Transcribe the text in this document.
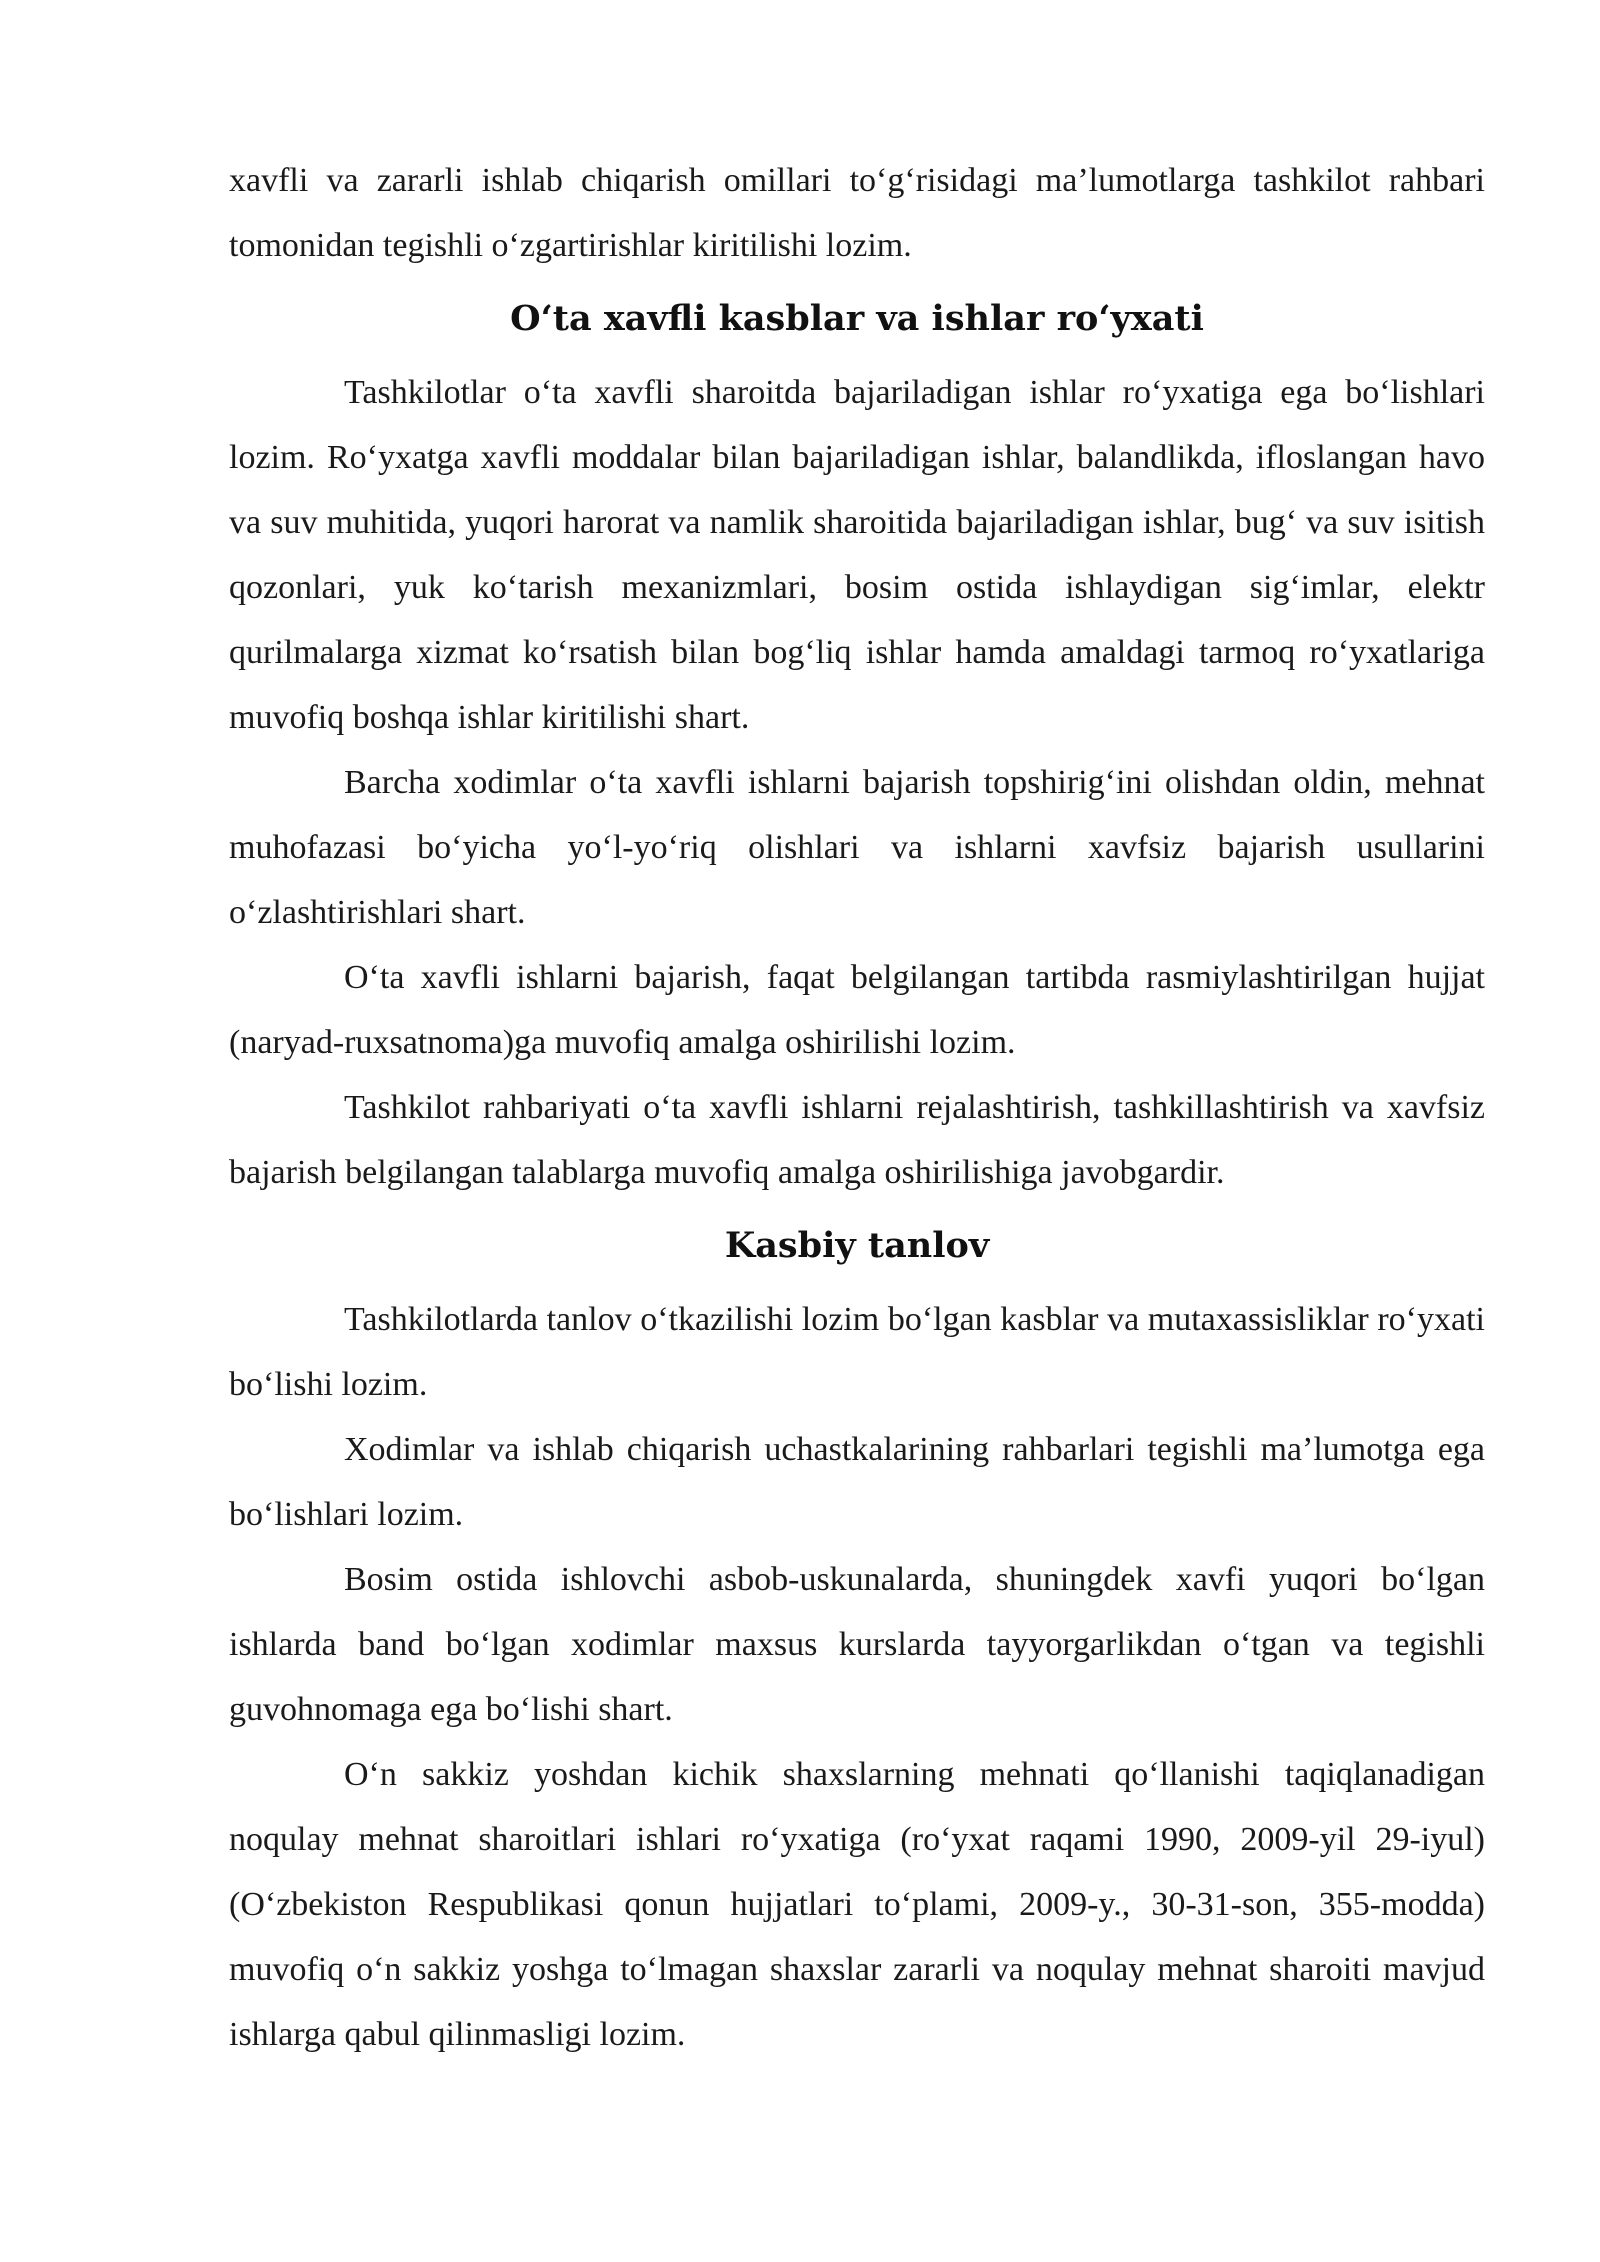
xavfli va zararli ishlab chiqarish omillari to‘g‘risidagi ma’lumotlarga tashkilot rahbari tomonidan tegishli o‘zgartirishlar kiritilishi lozim.

O‘ta xavfli kasblar va ishlar ro‘yxati

Tashkilotlar o‘ta xavfli sharoitda bajariladigan ishlar ro‘yxatiga ega bo‘lishlari lozim. Ro‘yxatga xavfli moddalar bilan bajariladigan ishlar, balandlikda, ifloslangan havo va suv muhitida, yuqori harorat va namlik sharoitida bajariladigan ishlar, bug‘ va suv isitish qozonlari, yuk ko‘tarish mexanizmlari, bosim ostida ishlaydigan sig‘imlar, elektr qurilmalarga xizmat ko‘rsatish bilan bog‘liq ishlar hamda amaldagi tarmoq ro‘yxatlariga muvofiq boshqa ishlar kiritilishi shart.

Barcha xodimlar o‘ta xavfli ishlarni bajarish topshirig‘ini olishdan oldin, mehnat muhofazasi bo‘yicha yo‘l-yo‘riq olishlari va ishlarni xavfsiz bajarish usullarini o‘zlashtirishlari shart.

O‘ta xavfli ishlarni bajarish, faqat belgilangan tartibda rasmiylashtirilgan hujjat (naryad-ruxsatnoma)ga muvofiq amalga oshirilishi lozim.

Tashkilot rahbariyati o‘ta xavfli ishlarni rejalashtirish, tashkillashtirish va xavfsiz bajarish belgilangan talablarga muvofiq amalga oshirilishiga javobgardir.

Kasbiy tanlov

Tashkilotlarda tanlov o‘tkazilishi lozim bo‘lgan kasblar va mutaxassisliklar ro‘yxati bo‘lishi lozim.

Xodimlar va ishlab chiqarish uchastkalarining rahbarlari tegishli ma’lumotga ega bo‘lishlari lozim.

Bosim ostida ishlovchi asbob-uskunalarda, shuningdek xavfi yuqori bo‘lgan ishlarda band bo‘lgan xodimlar maxsus kurslarda tayyorgarlikdan o‘tgan va tegishli guvohnomaga ega bo‘lishi shart.

O‘n sakkiz yoshdan kichik shaxslarning mehnati qo‘llanishi taqiqlanadigan noqulay mehnat sharoitlari ishlari ro‘yxatiga (ro‘yxat raqami 1990, 2009-yil 29-iyul) (O‘zbekiston Respublikasi qonun hujjatlari to‘plami, 2009-y., 30-31-son, 355-modda) muvofiq o‘n sakkiz yoshga to‘lmagan shaxslar zararli va noqulay mehnat sharoiti mavjud ishlarga qabul qilinmasligi lozim.
